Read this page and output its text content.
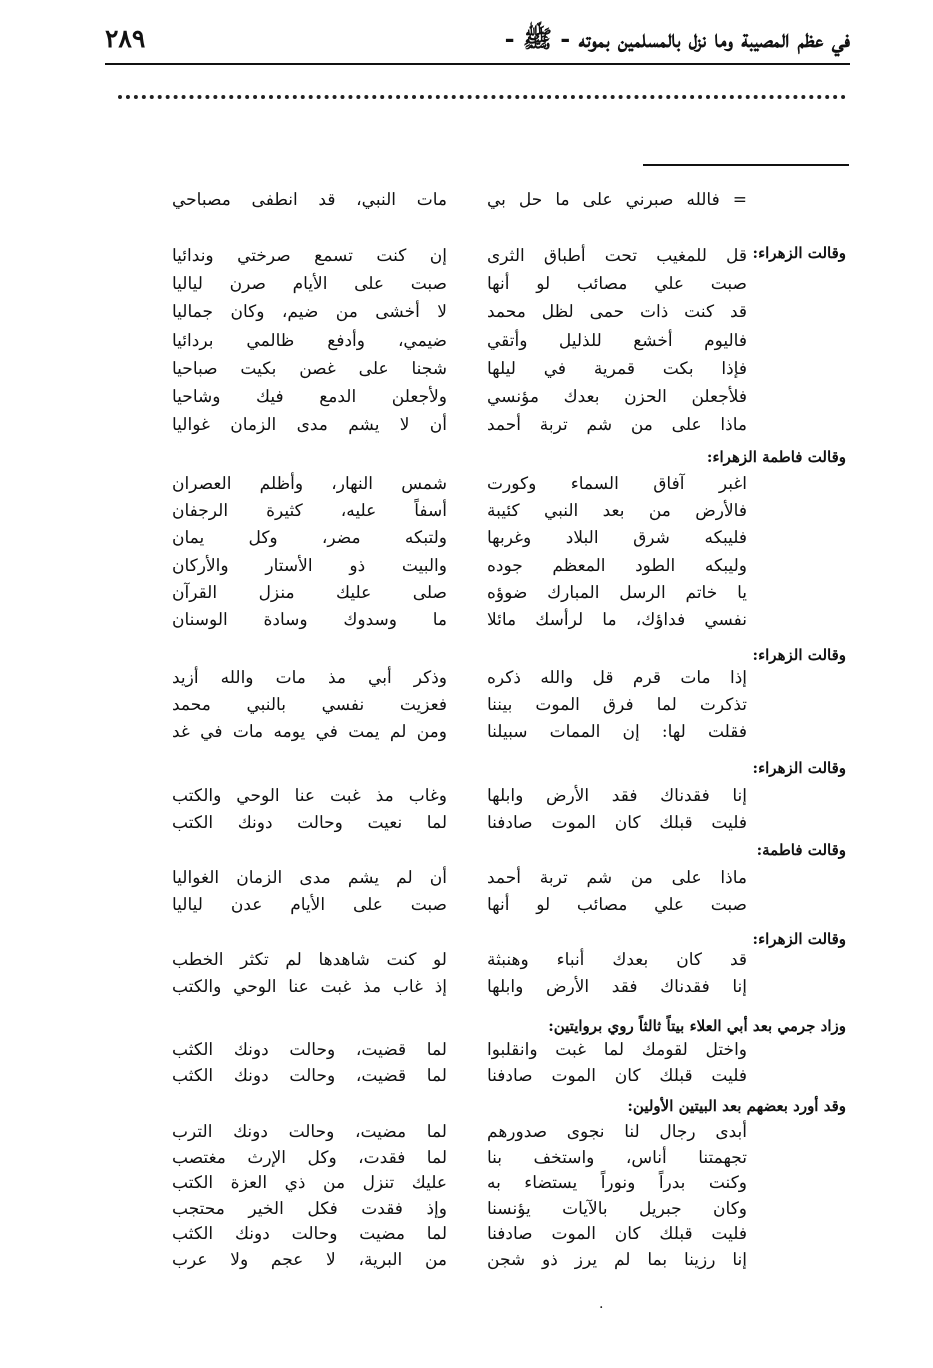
٢٨٩	في عظم المصيبة وما نزل بالمسلمين بموته - ﷺ -
= فالله صبرني على ما حل بي
مات النبي، قد انطفى مصباحي
وقالت الزهراء:
قل للمغيب تحت أطباق الثرى
إن كنت تسمع صرختي وندائيا
صبت علي مصائب لو أنها
صبت على الأيام صرن لياليا
قد كنت ذات حمى لظل محمد
لا أخشى من ضيم، وكان جماليا
فاليوم أخشع للذليل وأتقي
ضيمي، وأدفع ظالمي بردائيا
فإذا بكت قمرية في ليلها
شجنا على غصن بكيت صباحيا
فلأجعلن الحزن بعدك مؤنسي
ولأجعلن الدمع فيك وشاحيا
ماذا على من شم تربة أحمد
أن لا يشم مدى الزمان غواليا
وقالت فاطمة الزهراء:
اغبر آفاق السماء وكورت
شمس النهار، وأظلم العصران
فالأرض من بعد النبي كئيبة
أسفاً عليه، كثيرة الرجفان
فليبكه شرق البلاد وغربها
ولتبكه مضر، وكل يمان
وليبكه الطود المعظم جوده
والبيت ذو الأستار والأركان
يا خاتم الرسل المبارك ضوؤه
صلى عليك منزل القرآن
نفسي فداؤك، ما لرأسك مائلا
ما وسدوك وسادة الوسنان
وقالت الزهراء:
إذا مات قرم قل والله ذكره
وذكر أبي مذ مات والله أزيد
تذكرت لما فرق الموت بيننا
فعزيت نفسي بالنبي محمد
فقلت لها: إن الممات سبيلنا
ومن لم يمت في يومه مات في غد
وقالت الزهراء:
إنا فقدناك فقد الأرض وابلها
وغاب مذ غبت عنا الوحي والكتب
فليت قبلك كان الموت صادفنا
لما نعيت وحالت دونك الكتب
وقالت فاطمة:
ماذا على من شم تربة أحمد
أن لم يشم مدى الزمان الغواليا
صبت علي مصائب لو أنها
صبت على الأيام عدن لياليا
وقالت الزهراء:
قد كان بعدك أنباء وهنبثة
لو كنت شاهدها لم تكثر الخطب
إنا فقدناك فقد الأرض وابلها
إذ غاب مذ غبت عنا الوحي والكتب
وزاد جرمي بعد أبي العلاء بيتاً ثالثاً روي بروايتين:
واختل لقومك لما غبت وانقلبوا
لما قضيت، وحالت دونك الكثب
فليت قبلك كان الموت صادفنا
لما قضيت، وحالت دونك الكثب
وقد أورد بعضهم بعد البيتين الأولين:
أبدى رجال لنا نجوى صدورهم
لما مضيت، وحالت دونك الترب
تجهمتنا أناس، واستخف بنا
لما فقدت، وكل الإرث مغتصب
وكنت بدراً ونوراً يستضاء به
عليك تنزل من ذي العزة الكتب
وكان جبريل بالآيات يؤنسنا
وإذ فقدت فكل الخير محتجب
فليت قبلك كان الموت صادفنا
لما مضيت وحالت دونك الكثب
إنا رزينا بما لم يرز ذو شجن
من البرية، لا عجم ولا عرب
.
